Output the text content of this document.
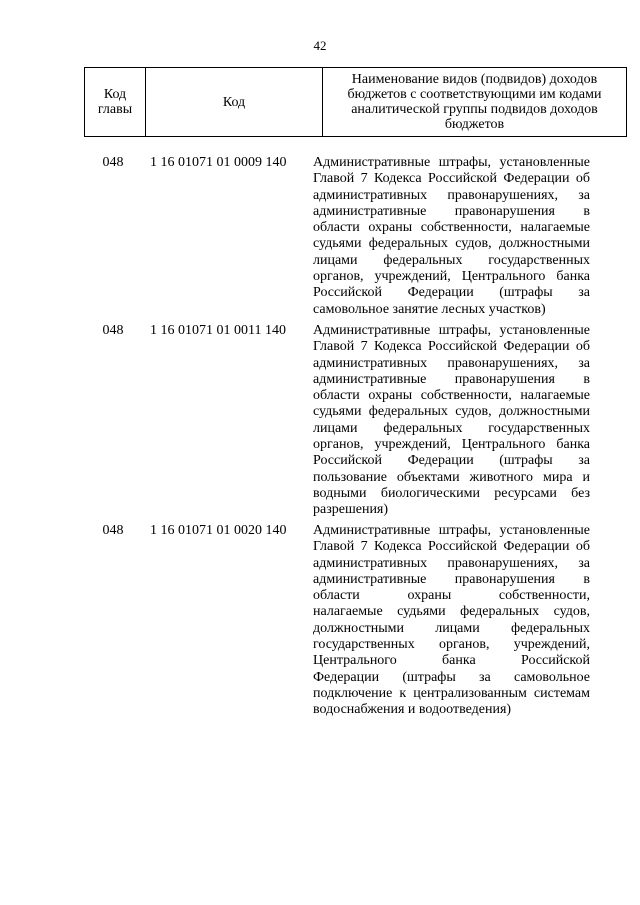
42
Код главы	Код	Наименование видов (подвидов) доходов бюджетов с соответствующими им кодами аналитической группы подвидов доходов бюджетов
048	1 16 01071 01 0009 140	Административные штрафы, установленные
Главой 7 Кодекса Российской Федерации об
административных правонарушениях, за
административные правонарушения в
области охраны собственности, налагаемые
судьями федеральных судов, должностными
лицами федеральных государственных
органов, учреждений, Центрального банка
Российской Федерации (штрафы за
самовольное занятие лесных участков)
048	1 16 01071 01 0011 140	Административные штрафы, установленные
Главой 7 Кодекса Российской Федерации об
административных правонарушениях, за
административные правонарушения в
области охраны собственности, налагаемые
судьями федеральных судов, должностными
лицами федеральных государственных
органов, учреждений, Центрального банка
Российской Федерации (штрафы за
пользование объектами животного мира и
водными биологическими ресурсами без
разрешения)
048	1 16 01071 01 0020 140	Административные штрафы, установленные
Главой 7 Кодекса Российской Федерации об
административных правонарушениях, за
административные правонарушения в
области охраны собственности,
налагаемые судьями федеральных судов,
должностными лицами федеральных
государственных органов, учреждений,
Центрального банка Российской
Федерации (штрафы за самовольное
подключение к централизованным системам
водоснабжения и водоотведения)
